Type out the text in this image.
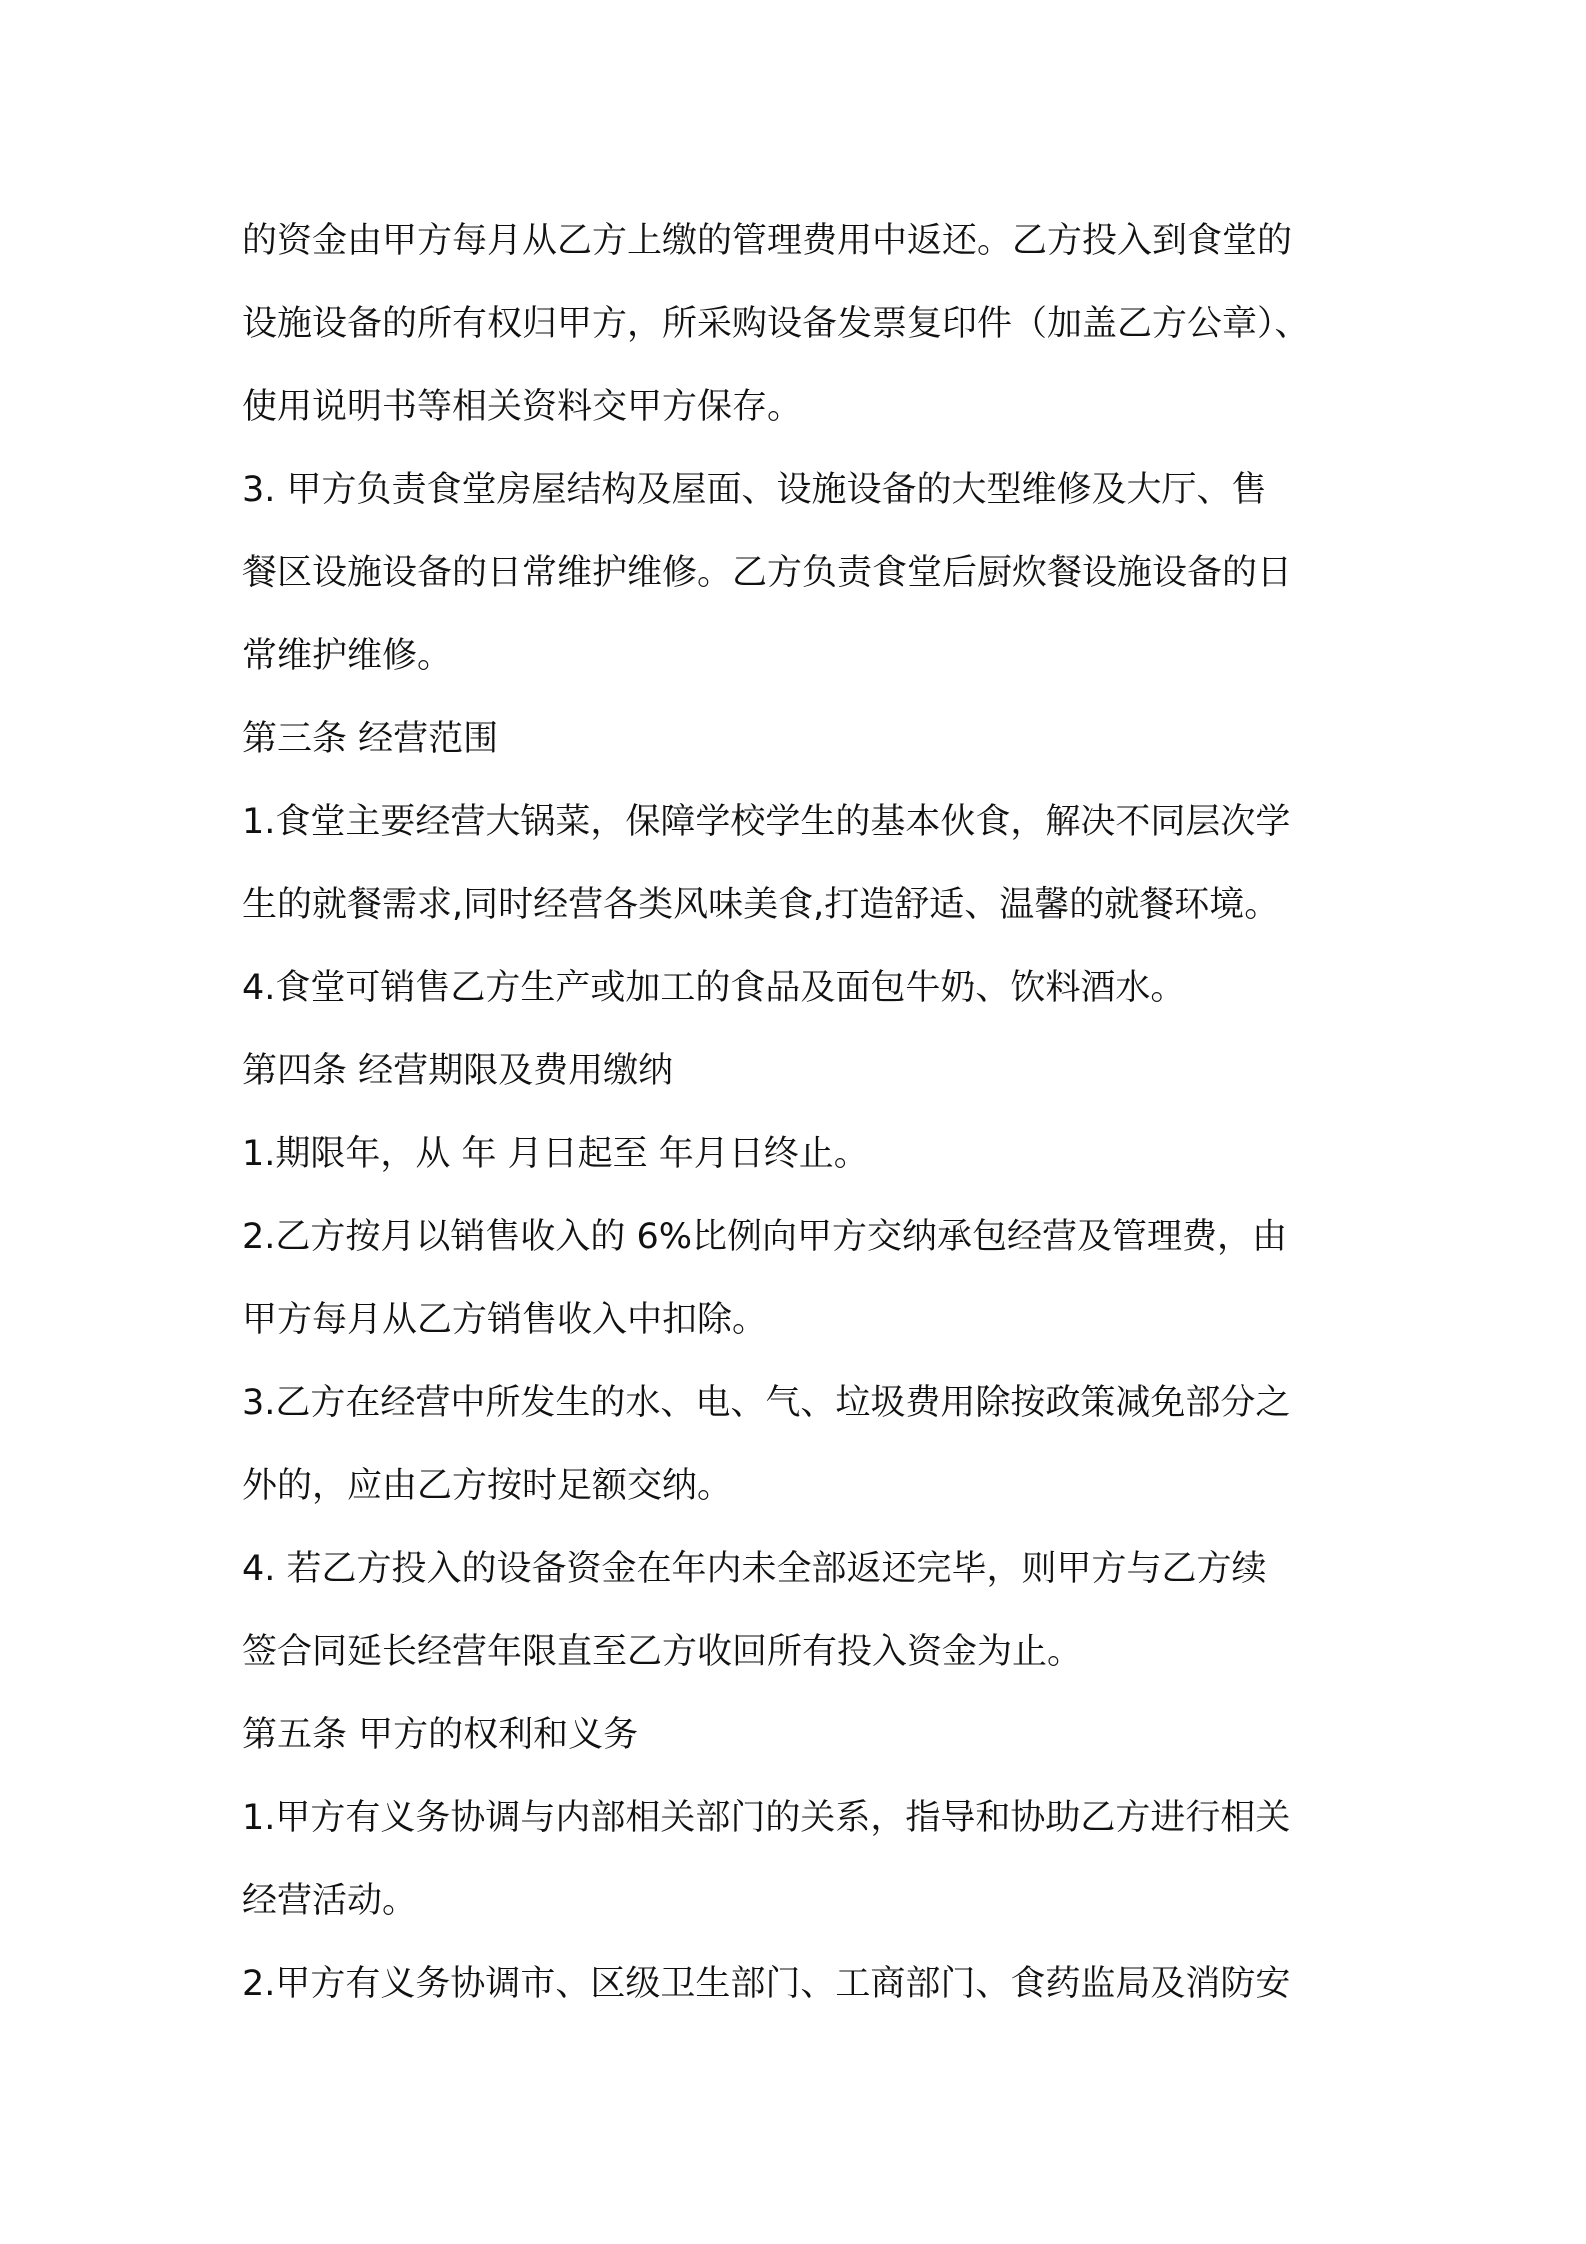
的资金由甲方每月从乙方上缴的管理费用中返还。乙方投入到食堂的

设施设备的所有权归甲方，所采购设备发票复印件（加盖乙方公章）、

使用说明书等相关资料交甲方保存。

3. 甲方负责食堂房屋结构及屋面、设施设备的大型维修及大厅、售

餐区设施设备的日常维护维修。乙方负责食堂后厨炊餐设施设备的日

常维护维修。

第三条 经营范围

1.食堂主要经营大锅菜，保障学校学生的基本伙食，解决不同层次学

生的就餐需求,同时经营各类风味美食,打造舒适、温馨的就餐环境。

4.食堂可销售乙方生产或加工的食品及面包牛奶、饮料酒水。

第四条 经营期限及费用缴纳

1.期限年，从 年 月日起至 年月日终止。

2.乙方按月以销售收入的 6%比例向甲方交纳承包经营及管理费，由

甲方每月从乙方销售收入中扣除。

3.乙方在经营中所发生的水、电、气、垃圾费用除按政策减免部分之

外的，应由乙方按时足额交纳。

4. 若乙方投入的设备资金在年内未全部返还完毕，则甲方与乙方续

签合同延长经营年限直至乙方收回所有投入资金为止。

第五条 甲方的权利和义务

1.甲方有义务协调与内部相关部门的关系，指导和协助乙方进行相关

经营活动。

2.甲方有义务协调市、区级卫生部门、工商部门、食药监局及消防安
